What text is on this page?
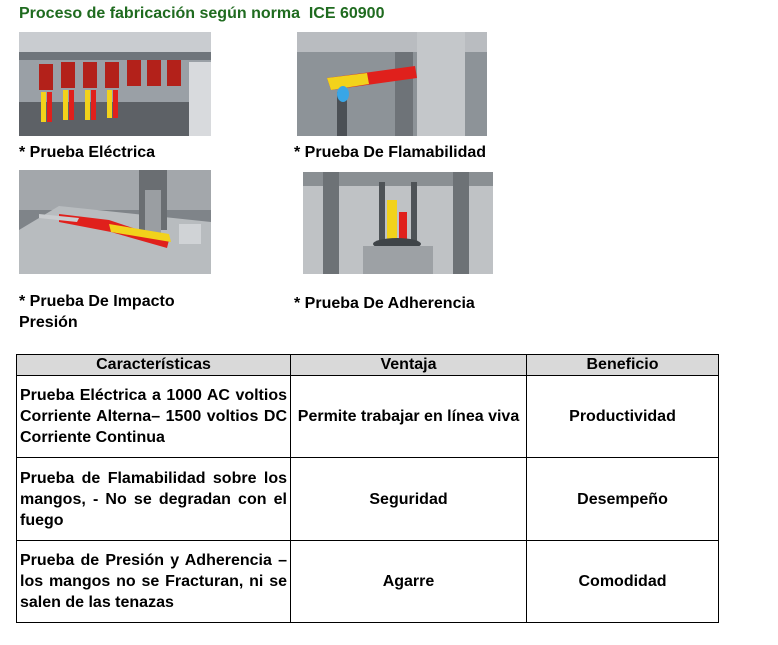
Proceso de fabricación según norma  ICE 60900
* Prueba Eléctrica	* Prueba De Flamabilidad
* Prueba De Impacto
Presión
* Prueba De Adherencia
Características	Ventaja	Beneficio
Prueba Eléctrica a 1000 AC voltios Corriente Alterna– 1500 voltios DC Corriente Continua	Permite trabajar en línea viva	Productividad
Prueba de Flamabilidad sobre los mangos, - No se degradan con el fuego	Seguridad	Desempeño
Prueba de Presión y Adherencia – los mangos no se Fracturan, ni se salen de las tenazas	Agarre	Comodidad
